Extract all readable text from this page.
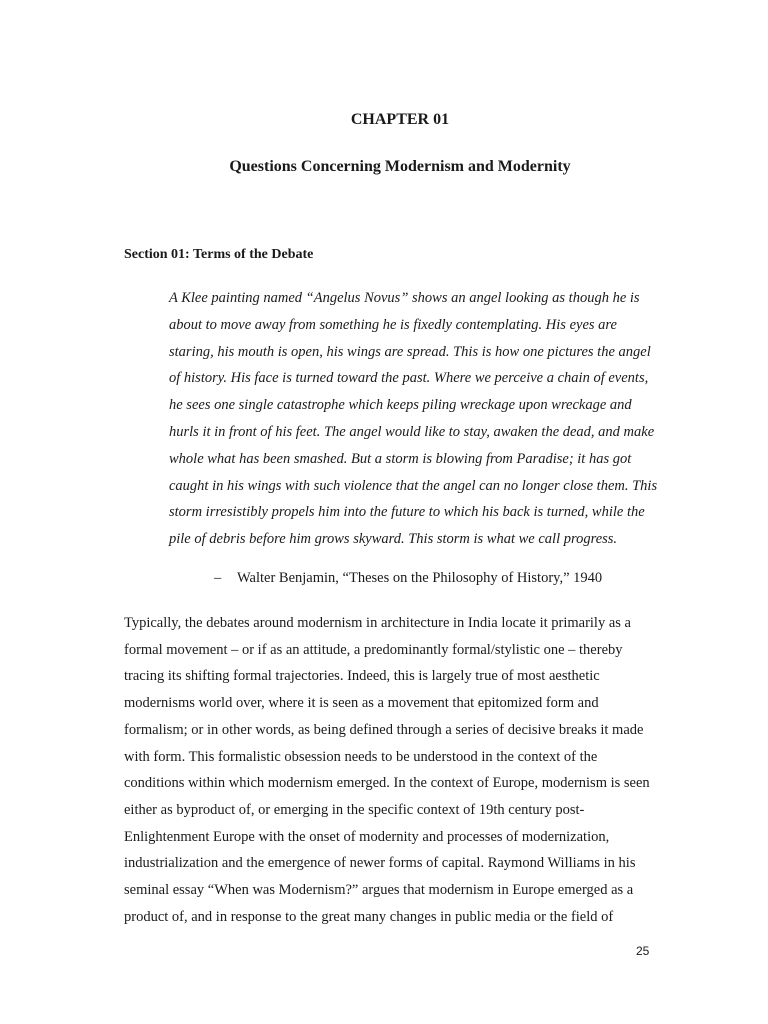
CHAPTER 01
Questions Concerning Modernism and Modernity
Section 01: Terms of the Debate
A Klee painting named “Angelus Novus” shows an angel looking as though he is
about to move away from something he is fixedly contemplating. His eyes are
staring, his mouth is open, his wings are spread. This is how one pictures the angel
of history. His face is turned toward the past. Where we perceive a chain of events,
he sees one single catastrophe which keeps piling wreckage upon wreckage and
hurls it in front of his feet. The angel would like to stay, awaken the dead, and make
whole what has been smashed. But a storm is blowing from Paradise; it has got
caught in his wings with such violence that the angel can no longer close them. This
storm irresistibly propels him into the future to which his back is turned, while the
pile of debris before him grows skyward. This storm is what we call progress.
– Walter Benjamin, “Theses on the Philosophy of History,” 1940
Typically, the debates around modernism in architecture in India locate it primarily as a
formal movement – or if as an attitude, a predominantly formal/stylistic one – thereby
tracing its shifting formal trajectories. Indeed, this is largely true of most aesthetic
modernisms world over, where it is seen as a movement that epitomized form and
formalism; or in other words, as being defined through a series of decisive breaks it made
with form. This formalistic obsession needs to be understood in the context of the
conditions within which modernism emerged. In the context of Europe, modernism is seen
either as byproduct of, or emerging in the specific context of 19th century post-
Enlightenment Europe with the onset of modernity and processes of modernization,
industrialization and the emergence of newer forms of capital. Raymond Williams in his
seminal essay “When was Modernism?” argues that modernism in Europe emerged as a
product of, and in response to the great many changes in public media or the field of
25
